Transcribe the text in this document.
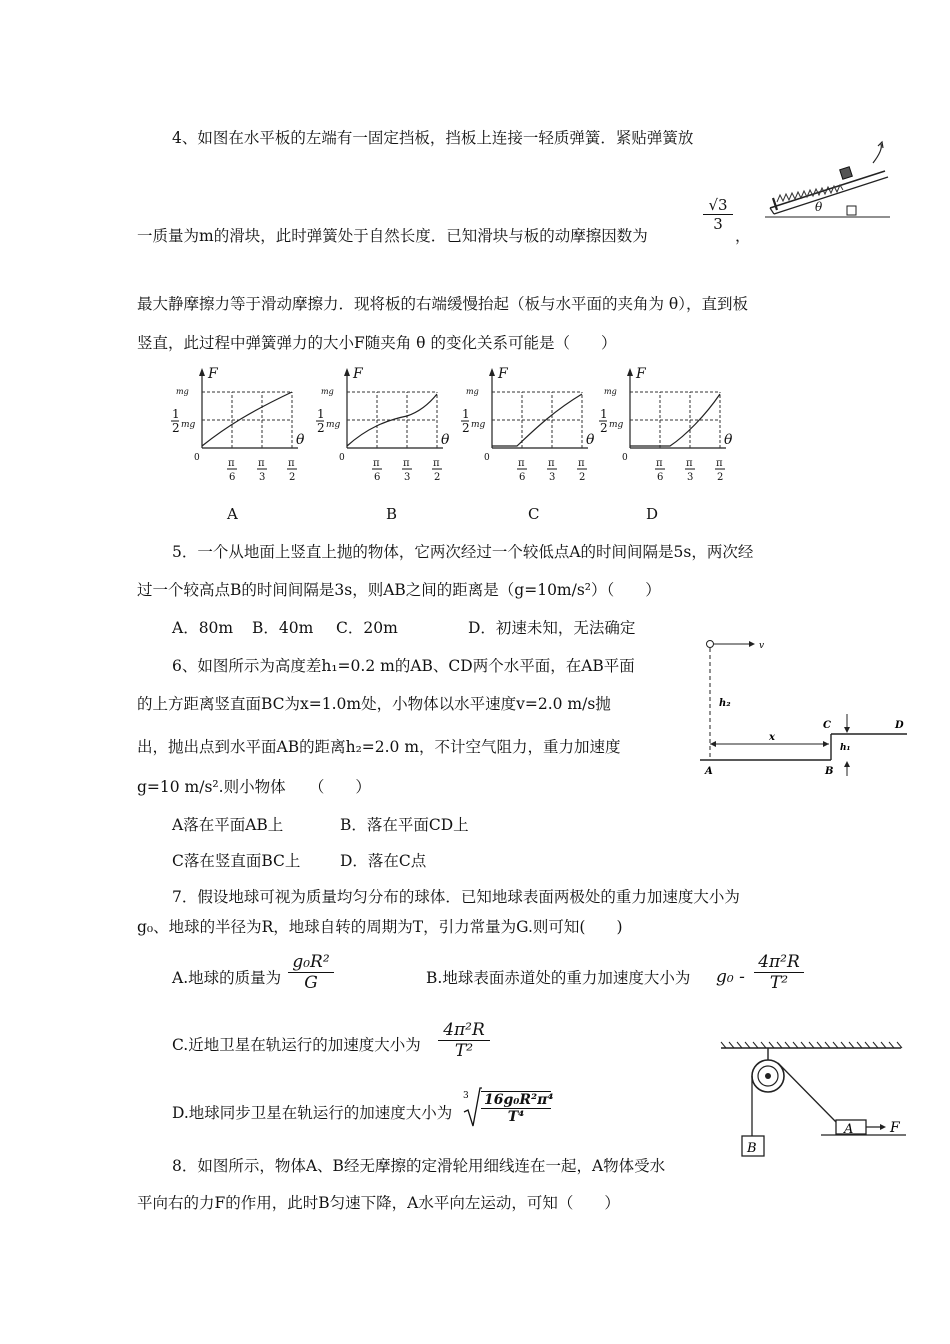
4、如图在水平板的左端有一固定挡板，挡板上连接一轻质弹簧．紧贴弹簧放
θ
一质量为m的滑块，此时弹簧处于自然长度．已知滑块与板的动摩擦因数为
$\frac{√3}{3}$
，
最大静摩擦力等于滑动摩擦力．现将板的右端缓慢抬起（板与水平面的夹角为 θ），直到板
竖直，此过程中弹簧弹力的大小F随夹角 θ 的变化关系可能是（　　）
F
mg
1
2 mg
0	π
6
π
3
π
2
θ
F
mg
1
2 mg
0	π
6
π
3
π
2
θ
F
mg
1
2 mg
0	π
6
π
3
π
2
θ
F
mg
1
2 mg
0	π
6
π
3
π
2
θ
A	B	C	D
5．一个从地面上竖直上抛的物体，它两次经过一个较低点A的时间间隔是5s，两次经
过一个较高点B的时间间隔是3s，则AB之间的距离是（g=10m/s²）（　　）
A．80m B．40m C．20m	D．初速未知，无法确定
6、如图所示为高度差h₁=0.2 m的AB、CD两个水平面，在AB平面
的上方距离竖直面BC为x=1.0m处，小物体以水平速度v=2.0 m/s抛
出，抛出点到水平面AB的距离h₂=2.0 m，不计空气阻力，重力加速度
g=10 m/s².则小物体　　（　　）
v
h₂
x
h₁
C	D
A	B
A落在平面AB上	B．落在平面CD上
C落在竖直面BC上	D．落在C点
7．假设地球可视为质量均匀分布的球体．已知地球表面两极处的重力加速度大小为
g₀、地球的半径为R，地球自转的周期为T，引力常量为G.则可知(　　)
A.地球的质量为 $\frac{\text{g₀R²}}{G}$	B.地球表面赤道处的重力加速度大小为 $g_0 - \frac{\text{4π²R}}{\text{T²}}$
C.近地卫星在轨运行的加速度大小为 $\frac{\text{4π²R}}{\text{T²}}$
D.地球同步卫星在轨运行的加速度大小为
$3 \frac{\text{16g₀R²π⁴}}{\text{T⁴}}$
B
A	F
8．如图所示，物体A、B经无摩擦的定滑轮用细线连在一起，A物体受水
平向右的力F的作用，此时B匀速下降，A水平向左运动，可知（　　）
